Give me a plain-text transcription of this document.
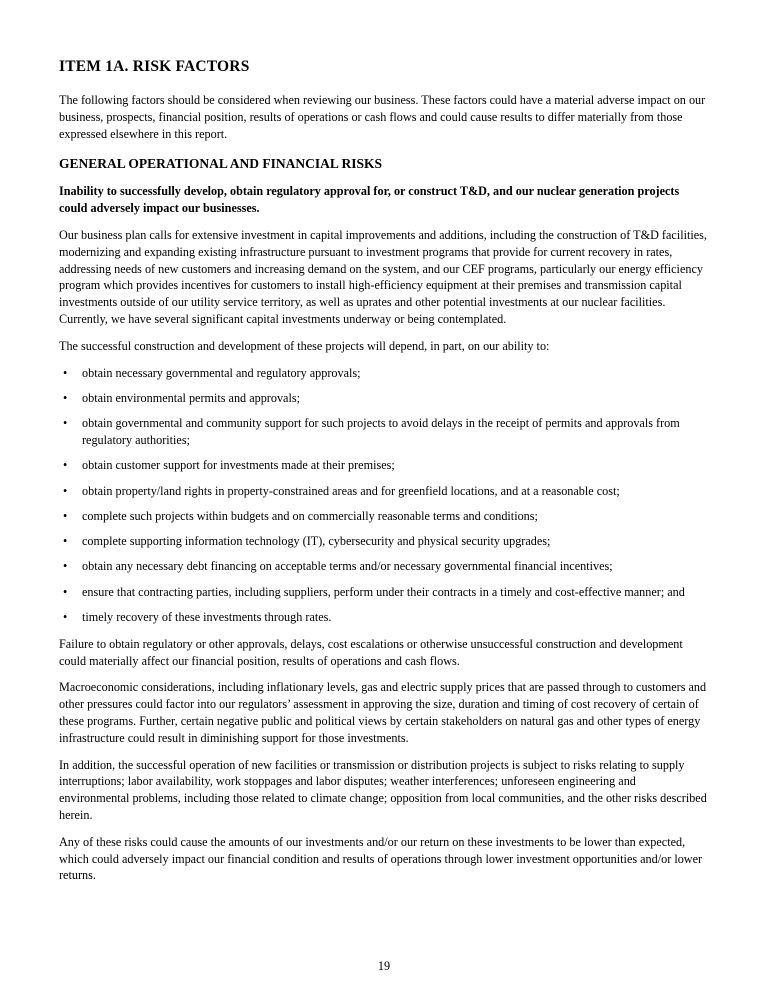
ITEM 1A. RISK FACTORS

The following factors should be considered when reviewing our business. These factors could have a material adverse impact on our business, prospects, financial position, results of operations or cash flows and could cause results to differ materially from those expressed elsewhere in this report.

GENERAL OPERATIONAL AND FINANCIAL RISKS

Inability to successfully develop, obtain regulatory approval for, or construct T&D, and our nuclear generation projects could adversely impact our businesses.

Our business plan calls for extensive investment in capital improvements and additions, including the construction of T&D facilities, modernizing and expanding existing infrastructure pursuant to investment programs that provide for current recovery in rates, addressing needs of new customers and increasing demand on the system, and our CEF programs, particularly our energy efficiency program which provides incentives for customers to install high-efficiency equipment at their premises and transmission capital investments outside of our utility service territory, as well as uprates and other potential investments at our nuclear facilities. Currently, we have several significant capital investments underway or being contemplated.

The successful construction and development of these projects will depend, in part, on our ability to:

• obtain necessary governmental and regulatory approvals;
• obtain environmental permits and approvals;
• obtain governmental and community support for such projects to avoid delays in the receipt of permits and approvals from regulatory authorities;
• obtain customer support for investments made at their premises;
• obtain property/land rights in property-constrained areas and for greenfield locations, and at a reasonable cost;
• complete such projects within budgets and on commercially reasonable terms and conditions;
• complete supporting information technology (IT), cybersecurity and physical security upgrades;
• obtain any necessary debt financing on acceptable terms and/or necessary governmental financial incentives;
• ensure that contracting parties, including suppliers, perform under their contracts in a timely and cost-effective manner; and
• timely recovery of these investments through rates.

Failure to obtain regulatory or other approvals, delays, cost escalations or otherwise unsuccessful construction and development could materially affect our financial position, results of operations and cash flows.

Macroeconomic considerations, including inflationary levels, gas and electric supply prices that are passed through to customers and other pressures could factor into our regulators’ assessment in approving the size, duration and timing of cost recovery of certain of these programs. Further, certain negative public and political views by certain stakeholders on natural gas and other types of energy infrastructure could result in diminishing support for those investments.

In addition, the successful operation of new facilities or transmission or distribution projects is subject to risks relating to supply interruptions; labor availability, work stoppages and labor disputes; weather interferences; unforeseen engineering and environmental problems, including those related to climate change; opposition from local communities, and the other risks described herein.

Any of these risks could cause the amounts of our investments and/or our return on these investments to be lower than expected, which could adversely impact our financial condition and results of operations through lower investment opportunities and/or lower returns.

19
